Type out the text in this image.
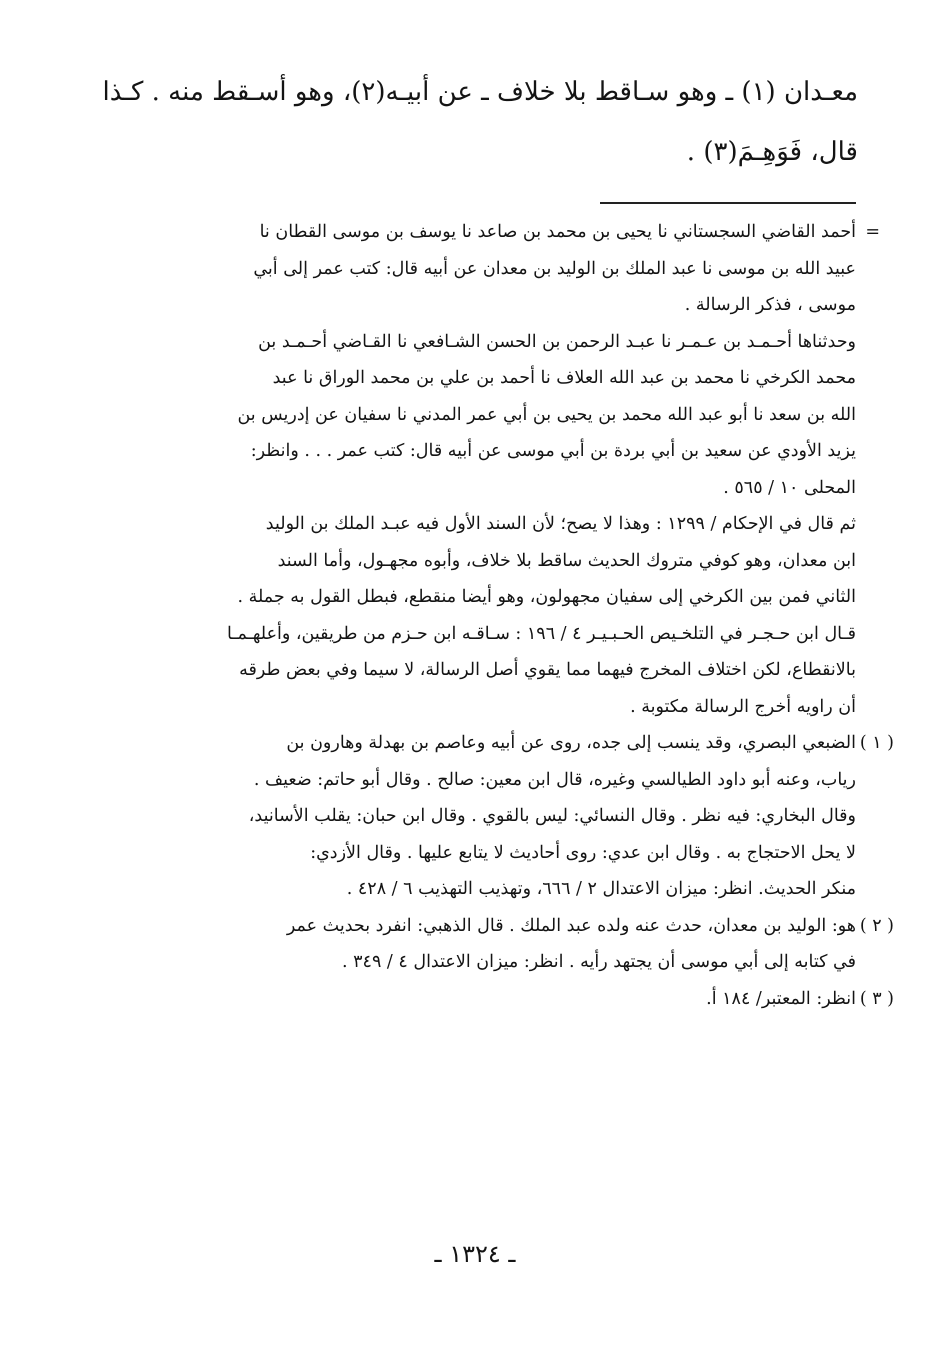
معـدان (١) ـ وهو سـاقط بلا خلاف ـ عن أبيـه(٢)، وهو أسـقط منه . كـذا
قال، فَوَهِـمَ(٣) .
=
أحمد القاضي السجستاني نا يحيى بن محمد بن صاعد نا يوسف بن موسى القطان نا
عبيد الله بن موسى نا عبد الملك بن الوليد بن معدان عن أبيه قال: كتب عمر إلى أبي
موسى ، فذكر الرسالة .
وحدثناها أحـمـد بن عـمـر نا عبـد الرحمن بن الحسن الشـافعي نا القـاضي أحـمـد بن
محمد الكرخي نا محمد بن عبد الله العلاف نا أحمد بن علي بن محمد الوراق نا عبد
الله بن سعد نا أبو عبد الله محمد بن يحيى بن أبي عمر المدني نا سفيان عن إدريس بن
يزيد الأودي عن سعيد بن أبي بردة بن أبي موسى عن أبيه قال: كتب عمر . . . وانظر:
المحلى ١٠ / ٥٦٥ .
ثم قال في الإحكام / ١٢٩٩ : وهذا لا يصح؛ لأن السند الأول فيه عبـد الملك بن الوليد
ابن معدان، وهو كوفي متروك الحديث ساقط بلا خلاف، وأبوه مجهـول، وأما السند
الثاني فمن بين الكرخي إلى سفيان مجهولون، وهو أيضا منقطع، فبطل القول به جملة .
قـال ابن حـجـر في التلخـيص الحـبـيـر ٤ / ١٩٦ : سـاقـه ابن حـزم من طريقين، وأعلهـمـا
بالانقطاع، لكن اختلاف المخرج فيهما مما يقوي أصل الرسالة، لا سيما وفي بعض طرقه
أن راويه أخرج الرسالة مكتوبة .
( ١ )
الضبعي البصري، وقد ينسب إلى جده، روى عن أبيه وعاصم بن بهدلة وهارون بن
رياب، وعنه أبو داود الطيالسي وغيره، قال ابن معين: صالح . وقال أبو حاتم: ضعيف .
وقال البخاري: فيه نظر . وقال النسائي: ليس بالقوي . وقال ابن حبان: يقلب الأسانيد،
لا يحل الاحتجاج به . وقال ابن عدي: روى أحاديث لا يتابع عليها . وقال الأزدي:
منكر الحديث. انظر: ميزان الاعتدال ٢ / ٦٦٦، وتهذيب التهذيب ٦ / ٤٢٨ .
( ٢ )
هو: الوليد بن معدان، حدث عنه ولده عبد الملك . قال الذهبي: انفرد بحديث عمر
في كتابه إلى أبي موسى أن يجتهد رأيه . انظر: ميزان الاعتدال ٤ / ٣٤٩ .
( ٣ )
انظر: المعتبر/ ١٨٤ أ.
ـ ١٣٢٤ ـ
